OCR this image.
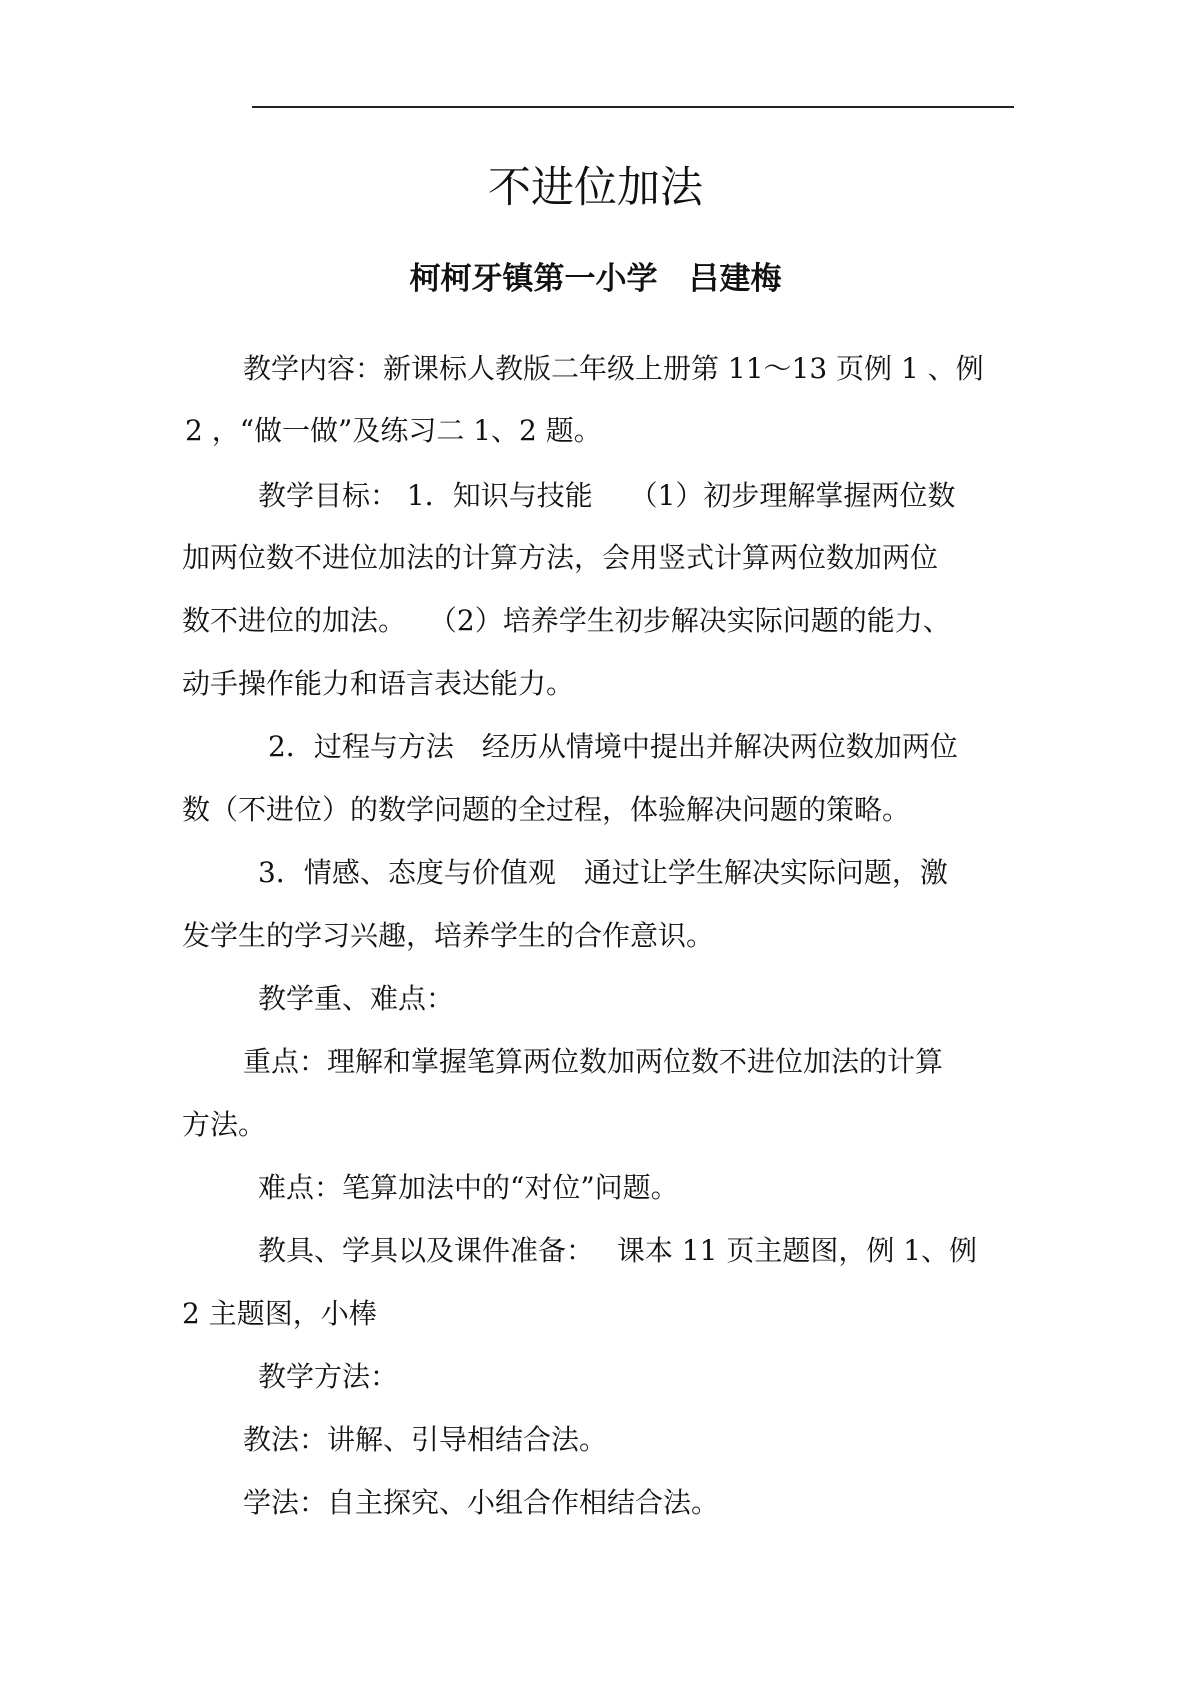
不进位加法
柯柯牙镇第一小学　吕建梅

教学内容：新课标人教版二年级上册第 11～13 页例 1 、例

2 ，“做一做”及练习二 1、2 题。

教学目标： 1．知识与技能　 （1）初步理解掌握两位数

加两位数不进位加法的计算方法，会用竖式计算两位数加两位

数不进位的加法。　 （2）培养学生初步解决实际问题的能力、

动手操作能力和语言表达能力。

2．过程与方法　经历从情境中提出并解决两位数加两位

数（不进位）的数学问题的全过程，体验解决问题的策略。

3．情感、态度与价值观　通过让学生解决实际问题，激

发学生的学习兴趣，培养学生的合作意识。

教学重、难点：

重点：理解和掌握笔算两位数加两位数不进位加法的计算

方法。

难点：笔算加法中的“对位”问题。

教具、学具以及课件准备：　 课本 11 页主题图，例 1、例

2 主题图，小棒

教学方法：

教法：讲解、引导相结合法。

学法：自主探究、小组合作相结合法。
